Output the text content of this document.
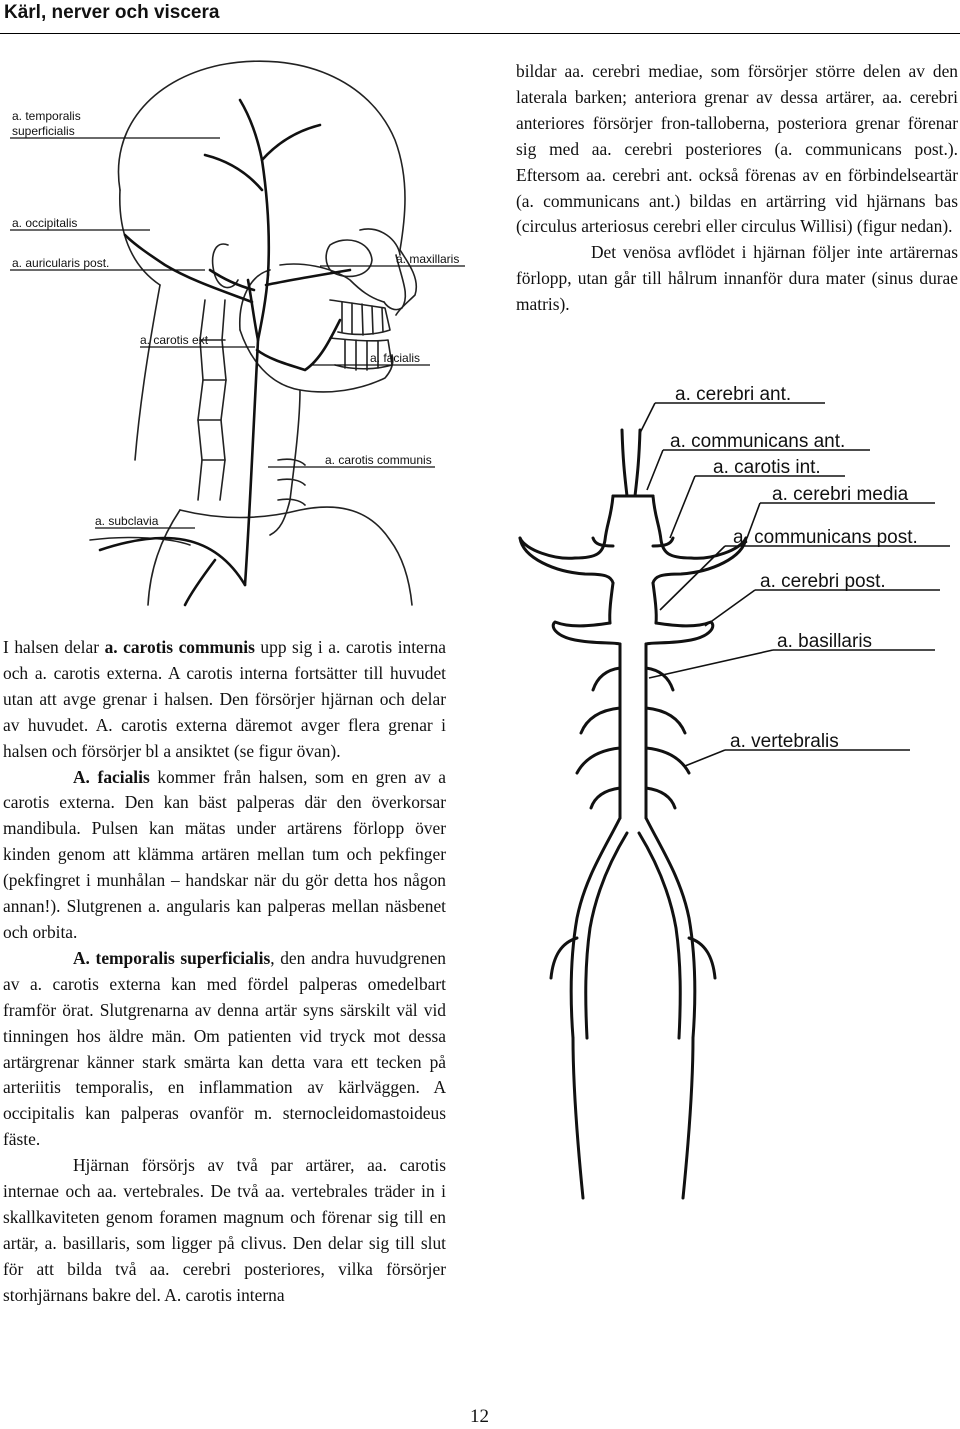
Kärl, nerver och viscera
a. temporalis
superficialis
a. occipitalis
a. auricularis post.	a. maxillaris
a. carotis ext
a. facialis
a. carotis communis
a. subclavia

bildar aa. cerebri mediae, som försörjer större delen av den laterala barken; anteriora grenar av dessa artärer, aa. cerebri anteriores försörjer fron-talloberna, posteriora grenar förenar sig med aa. cerebri posteriores (a. communicans post.). Eftersom aa. cerebri ant. också förenas av en förbindelseartär (a. communicans ant.) bildas en artärring vid hjärnans bas (circulus arteriosus cerebri eller circulus Willisi) (figur nedan).

Det venösa avflödet i hjärnan följer inte artärernas förlopp, utan går till hålrum innanför dura mater (sinus durae matris).

a. cerebri ant.
a. communicans ant.
a. carotis int.
a. cerebri media
a. communicans post.
a. cerebri post.
a. basillaris
a. vertebralis

I halsen delar a. carotis communis upp sig i a. carotis interna och a. carotis externa. A carotis interna fortsätter till huvudet utan att avge grenar i halsen. Den försörjer hjärnan och delar av huvudet. A. carotis externa däremot avger flera grenar i halsen och försörjer bl a ansiktet (se figur övan).

A. facialis kommer från halsen, som en gren av a carotis externa. Den kan bäst palperas där den överkorsar mandibula. Pulsen kan mätas under artärens förlopp över kinden genom att klämma artären mellan tum och pekfinger (pekfingret i munhålan – handskar när du gör detta hos någon annan!). Slutgrenen a. angularis kan palperas mellan näsbenet och orbita.

A. temporalis superficialis, den andra huvudgrenen av a. carotis externa kan med fördel palperas omedelbart framför örat. Slutgrenarna av denna artär syns särskilt väl vid tinningen hos äldre män. Om patienten vid tryck mot dessa artärgrenar känner stark smärta kan detta vara ett tecken på arteriitis temporalis, en inflammation av kärlväggen. A occipitalis kan palperas ovanför m. sternocleidomastoideus fäste.

Hjärnan försörjs av två par artärer, aa. carotis internae och aa. vertebrales. De två aa. vertebrales träder in i skallkaviteten genom foramen magnum och förenar sig till en artär, a. basillaris, som ligger på clivus. Den delar sig till slut för att bilda två aa. cerebri posteriores, vilka försörjer storhjärnans bakre del. A. carotis interna

12
